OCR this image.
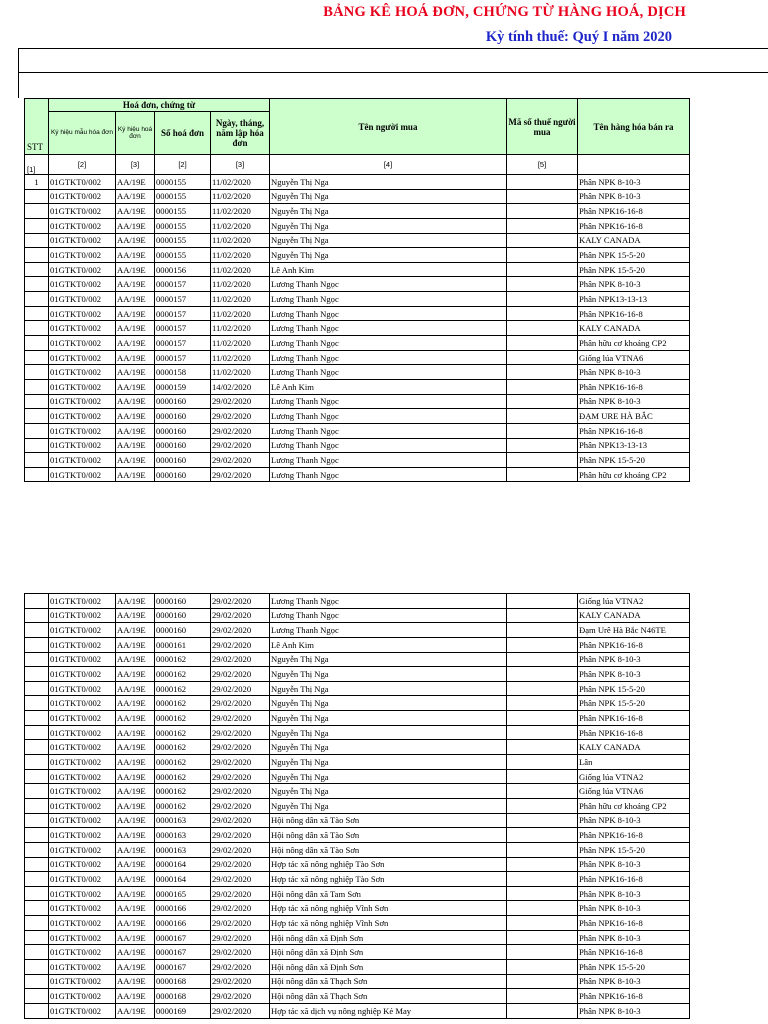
BẢNG KÊ HOÁ ĐƠN, CHỨNG TỪ HÀNG HOÁ, DỊCH
Kỳ tính thuế: Quý I năm 2020
STT	Hoá đơn, chứng từ				Tên người mua	Mã số thuế người mua	Tên hàng hóa bán ra
	Ký hiệu mẫu hóa đơn	Ký hiệu hoá đơn	Số hoá đơn	Ngày, tháng, năm lập hóa đơn			
[1]	[2]	[3]	[2]	[3]	[4]	[5]	
1	01GTKT0/002	AA/19E	0000155	11/02/2020	Nguyễn Thị Nga		Phân NPK 8-10-3
	01GTKT0/002	AA/19E	0000155	11/02/2020	Nguyễn Thị Nga		Phân NPK 8-10-3
	01GTKT0/002	AA/19E	0000155	11/02/2020	Nguyễn Thị Nga		Phân NPK16-16-8
	01GTKT0/002	AA/19E	0000155	11/02/2020	Nguyễn Thị Nga		Phân NPK16-16-8
	01GTKT0/002	AA/19E	0000155	11/02/2020	Nguyễn Thị Nga		KALY CANADA
	01GTKT0/002	AA/19E	0000155	11/02/2020	Nguyễn Thị Nga		Phân NPK 15-5-20
	01GTKT0/002	AA/19E	0000156	11/02/2020	Lê Anh Kim		Phân NPK 15-5-20
	01GTKT0/002	AA/19E	0000157	11/02/2020	Lương Thanh Ngọc		Phân NPK 8-10-3
	01GTKT0/002	AA/19E	0000157	11/02/2020	Lương Thanh Ngọc		Phân NPK13-13-13
	01GTKT0/002	AA/19E	0000157	11/02/2020	Lương Thanh Ngọc		Phân NPK16-16-8
	01GTKT0/002	AA/19E	0000157	11/02/2020	Lương Thanh Ngọc		KALY CANADA
	01GTKT0/002	AA/19E	0000157	11/02/2020	Lương Thanh Ngọc		Phân hữu cơ khoáng CP2
	01GTKT0/002	AA/19E	0000157	11/02/2020	Lương Thanh Ngọc		Giống lúa VTNA6
	01GTKT0/002	AA/19E	0000158	11/02/2020	Lương Thanh Ngọc		Phân NPK 8-10-3
	01GTKT0/002	AA/19E	0000159	14/02/2020	Lê Anh Kim		Phân NPK16-16-8
	01GTKT0/002	AA/19E	0000160	29/02/2020	Lương Thanh Ngọc		Phân NPK 8-10-3
	01GTKT0/002	AA/19E	0000160	29/02/2020	Lương Thanh Ngọc		ĐẠM URE HÀ BẮC
	01GTKT0/002	AA/19E	0000160	29/02/2020	Lương Thanh Ngọc		Phân NPK16-16-8
	01GTKT0/002	AA/19E	0000160	29/02/2020	Lương Thanh Ngọc		Phân NPK13-13-13
	01GTKT0/002	AA/19E	0000160	29/02/2020	Lương Thanh Ngọc		Phân NPK 15-5-20
	01GTKT0/002	AA/19E	0000160	29/02/2020	Lương Thanh Ngọc		Phân hữu cơ khoáng CP2
	01GTKT0/002	AA/19E	0000160	29/02/2020	Lương Thanh Ngọc		Giống lúa VTNA2
	01GTKT0/002	AA/19E	0000160	29/02/2020	Lương Thanh Ngọc		KALY CANADA
	01GTKT0/002	AA/19E	0000160	29/02/2020	Lương Thanh Ngọc		Đạm Urê Hà Bắc N46TE
	01GTKT0/002	AA/19E	0000161	29/02/2020	Lê Anh Kim		Phân NPK16-16-8
	01GTKT0/002	AA/19E	0000162	29/02/2020	Nguyễn Thị Nga		Phân NPK 8-10-3
	01GTKT0/002	AA/19E	0000162	29/02/2020	Nguyễn Thị Nga		Phân NPK 8-10-3
	01GTKT0/002	AA/19E	0000162	29/02/2020	Nguyễn Thị Nga		Phân NPK 15-5-20
	01GTKT0/002	AA/19E	0000162	29/02/2020	Nguyễn Thị Nga		Phân NPK 15-5-20
	01GTKT0/002	AA/19E	0000162	29/02/2020	Nguyễn Thị Nga		Phân NPK16-16-8
	01GTKT0/002	AA/19E	0000162	29/02/2020	Nguyễn Thị Nga		Phân NPK16-16-8
	01GTKT0/002	AA/19E	0000162	29/02/2020	Nguyễn Thị Nga		KALY CANADA
	01GTKT0/002	AA/19E	0000162	29/02/2020	Nguyễn Thị Nga		Lân
	01GTKT0/002	AA/19E	0000162	29/02/2020	Nguyễn Thị Nga		Giống lúa VTNA2
	01GTKT0/002	AA/19E	0000162	29/02/2020	Nguyễn Thị Nga		Giống lúa VTNA6
	01GTKT0/002	AA/19E	0000162	29/02/2020	Nguyễn Thị Nga		Phân hữu cơ khoáng CP2
	01GTKT0/002	AA/19E	0000163	29/02/2020	Hội nông dân xã Tào Sơn		Phân NPK 8-10-3
	01GTKT0/002	AA/19E	0000163	29/02/2020	Hội nông dân xã Tào Sơn		Phân NPK16-16-8
	01GTKT0/002	AA/19E	0000163	29/02/2020	Hội nông dân xã Tào Sơn		Phân NPK 15-5-20
	01GTKT0/002	AA/19E	0000164	29/02/2020	Hợp tác xã nông nghiệp Tào Sơn		Phân NPK 8-10-3
	01GTKT0/002	AA/19E	0000164	29/02/2020	Hợp tác xã nông nghiệp Tào Sơn		Phân NPK16-16-8
	01GTKT0/002	AA/19E	0000165	29/02/2020	Hội nông dân xã Tam Sơn		Phân NPK 8-10-3
	01GTKT0/002	AA/19E	0000166	29/02/2020	Hợp tác xã nông nghiệp Vĩnh Sơn		Phân NPK 8-10-3
	01GTKT0/002	AA/19E	0000166	29/02/2020	Hợp tác xã nông nghiệp Vĩnh Sơn		Phân NPK16-16-8
	01GTKT0/002	AA/19E	0000167	29/02/2020	Hội nông dân xã Định Sơn		Phân NPK 8-10-3
	01GTKT0/002	AA/19E	0000167	29/02/2020	Hội nông dân xã Định Sơn		Phân NPK16-16-8
	01GTKT0/002	AA/19E	0000167	29/02/2020	Hội nông dân xã Định Sơn		Phân NPK 15-5-20
	01GTKT0/002	AA/19E	0000168	29/02/2020	Hội nông dân xã Thạch Sơn		Phân NPK 8-10-3
	01GTKT0/002	AA/19E	0000168	29/02/2020	Hội nông dân xã Thạch Sơn		Phân NPK16-16-8
	01GTKT0/002	AA/19E	0000169	29/02/2020	Hợp tác xã dịch vụ nông nghiệp Kẻ May		Phân NPK 8-10-3
